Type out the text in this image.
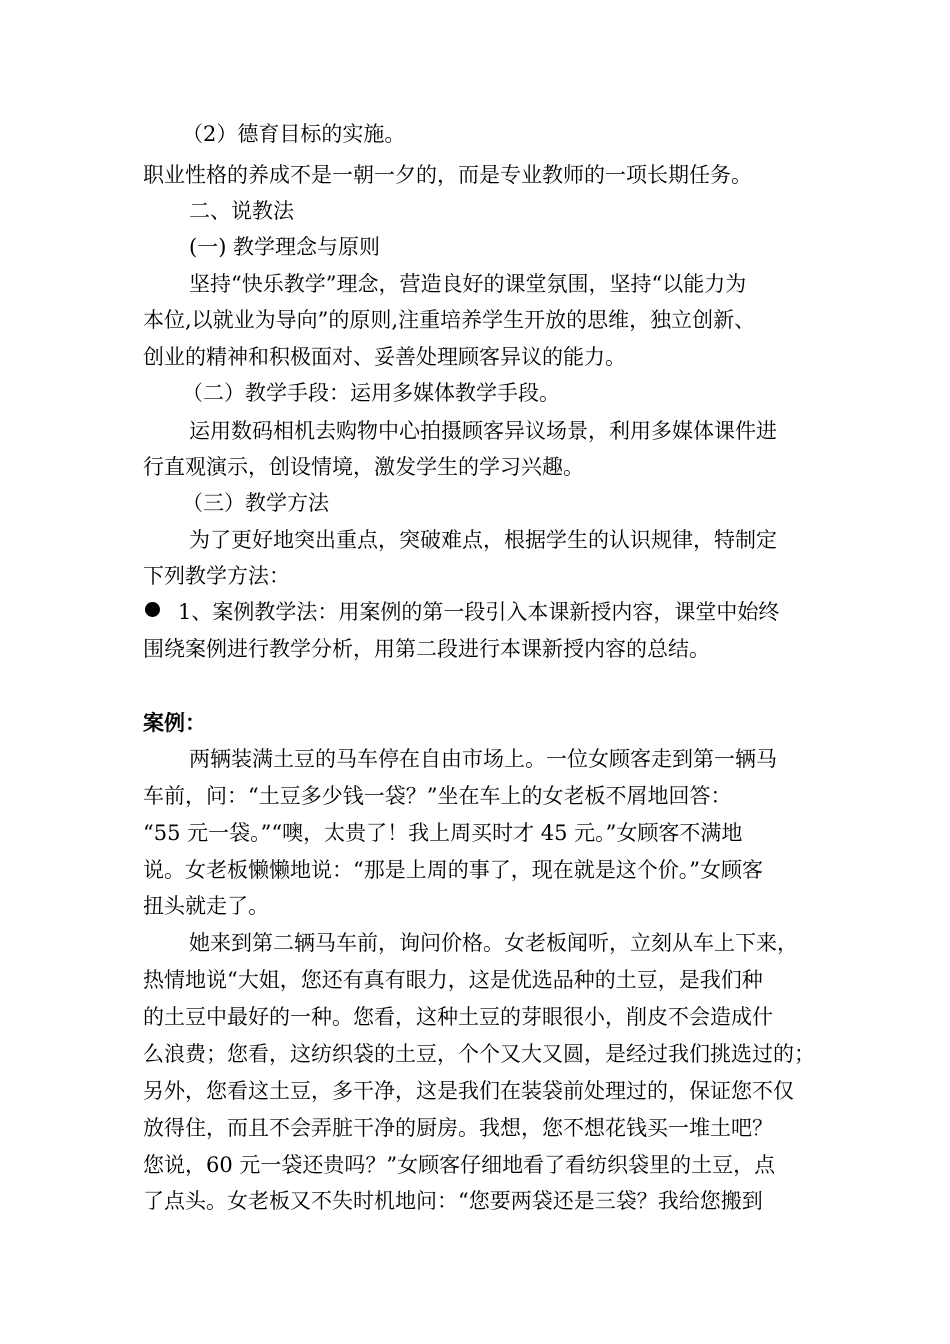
（2）德育目标的实施。
职业性格的养成不是一朝一夕的，而是专业教师的一项长期任务。
二、说教法
(一) 教学理念与原则
坚持“快乐教学”理念，营造良好的课堂氛围，坚持“以能力为
本位,以就业为导向”的原则,注重培养学生开放的思维，独立创新、
创业的精神和积极面对、妥善处理顾客异议的能力。
（二）教学手段：运用多媒体教学手段。
运用数码相机去购物中心拍摄顾客异议场景，利用多媒体课件进
行直观演示，创设情境，激发学生的学习兴趣。
（三）教学方法
为了更好地突出重点，突破难点，根据学生的认识规律，特制定
下列教学方法：
1、案例教学法：用案例的第一段引入本课新授内容，课堂中始终
围绕案例进行教学分析，用第二段进行本课新授内容的总结。
案例：
两辆装满土豆的马车停在自由市场上。一位女顾客走到第一辆马
车前，问：“土豆多少钱一袋？”坐在车上的女老板不屑地回答：
“55 元一袋。”“噢，太贵了！我上周买时才 45 元。”女顾客不满地
说。女老板懒懒地说：“那是上周的事了，现在就是这个价。”女顾客
扭头就走了。
她来到第二辆马车前，询问价格。女老板闻听，立刻从车上下来，
热情地说“大姐，您还有真有眼力，这是优选品种的土豆，是我们种
的土豆中最好的一种。您看，这种土豆的芽眼很小，削皮不会造成什
么浪费；您看，这纺织袋的土豆，个个又大又圆，是经过我们挑选过的；
另外，您看这土豆，多干净，这是我们在装袋前处理过的，保证您不仅
放得住，而且不会弄脏干净的厨房。我想，您不想花钱买一堆土吧？
您说，60 元一袋还贵吗？”女顾客仔细地看了看纺织袋里的土豆，点
了点头。女老板又不失时机地问：“您要两袋还是三袋？我给您搬到
